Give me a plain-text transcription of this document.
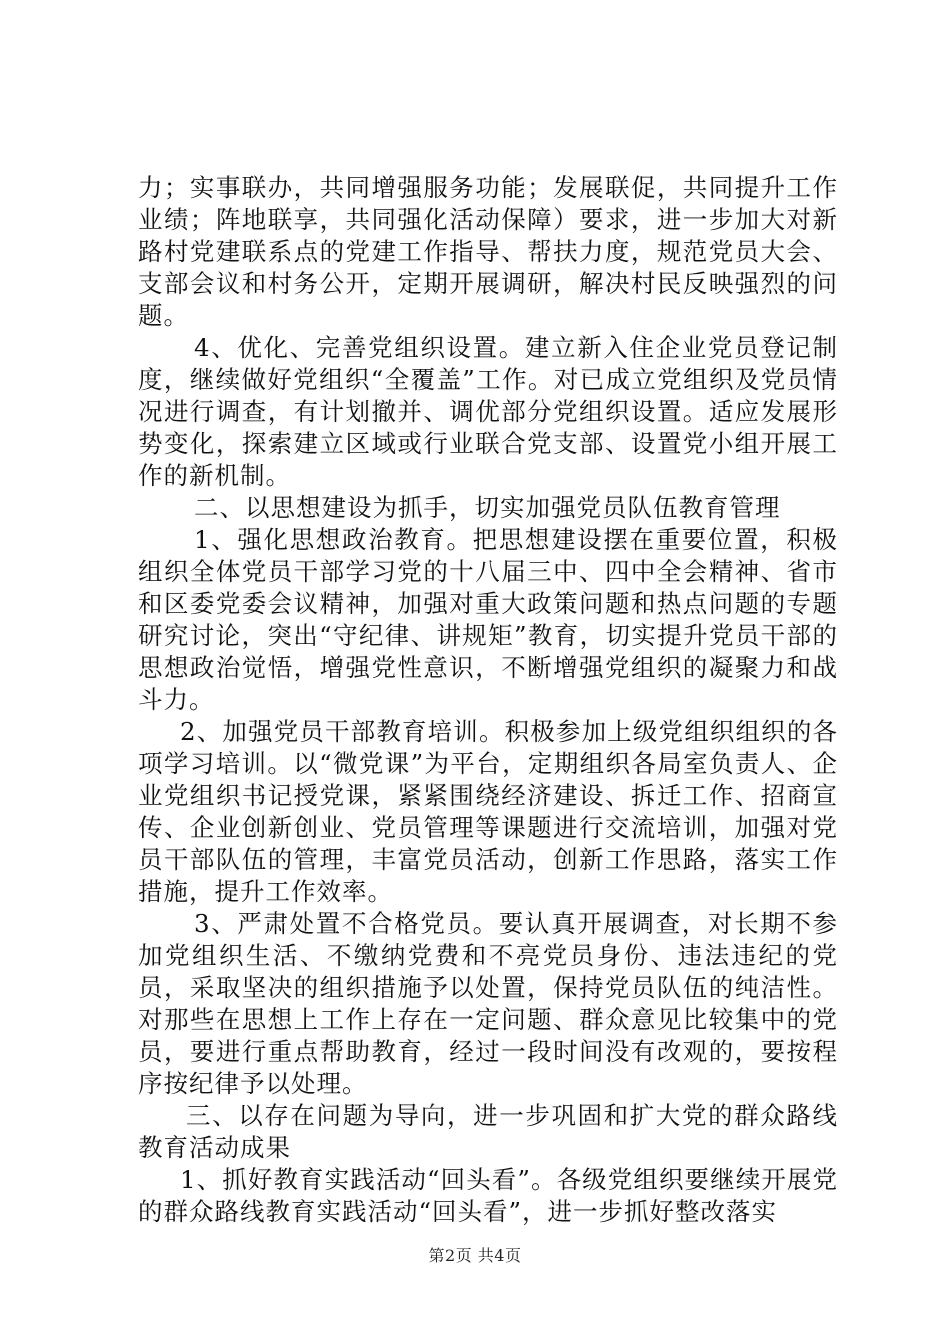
力；实事联办，共同增强服务功能；发展联促，共同提升工作业绩；阵地联享，共同强化活动保障）要求，进一步加大对新路村党建联系点的党建工作指导、帮扶力度，规范党员大会、支部会议和村务公开，定期开展调研，解决村民反映强烈的问题。

4、优化、完善党组织设置。建立新入住企业党员登记制度，继续做好党组织“全覆盖”工作。对已成立党组织及党员情况进行调查，有计划撤并、调优部分党组织设置。适应发展形势变化，探索建立区域或行业联合党支部、设置党小组开展工作的新机制。

二、以思想建设为抓手，切实加强党员队伍教育管理

1、强化思想政治教育。把思想建设摆在重要位置，积极组织全体党员干部学习党的十八届三中、四中全会精神、省市和区委党委会议精神，加强对重大政策问题和热点问题的专题研究讨论，突出“守纪律、讲规矩”教育，切实提升党员干部的思想政治觉悟，增强党性意识，不断增强党组织的凝聚力和战斗力。

2、加强党员干部教育培训。积极参加上级党组织组织的各项学习培训。以“微党课”为平台，定期组织各局室负责人、企业党组织书记授党课，紧紧围绕经济建设、拆迁工作、招商宣传、企业创新创业、党员管理等课题进行交流培训，加强对党员干部队伍的管理，丰富党员活动，创新工作思路，落实工作措施，提升工作效率。

3、严肃处置不合格党员。要认真开展调查，对长期不参加党组织生活、不缴纳党费和不亮党员身份、违法违纪的党员，采取坚决的组织措施予以处置，保持党员队伍的纯洁性。对那些在思想上工作上存在一定问题、群众意见比较集中的党员，要进行重点帮助教育，经过一段时间没有改观的，要按程序按纪律予以处理。

三、以存在问题为导向，进一步巩固和扩大党的群众路线教育活动成果

1、抓好教育实践活动“回头看”。各级党组织要继续开展党的群众路线教育实践活动“回头看”，进一步抓好整改落实

第2页 共4页
